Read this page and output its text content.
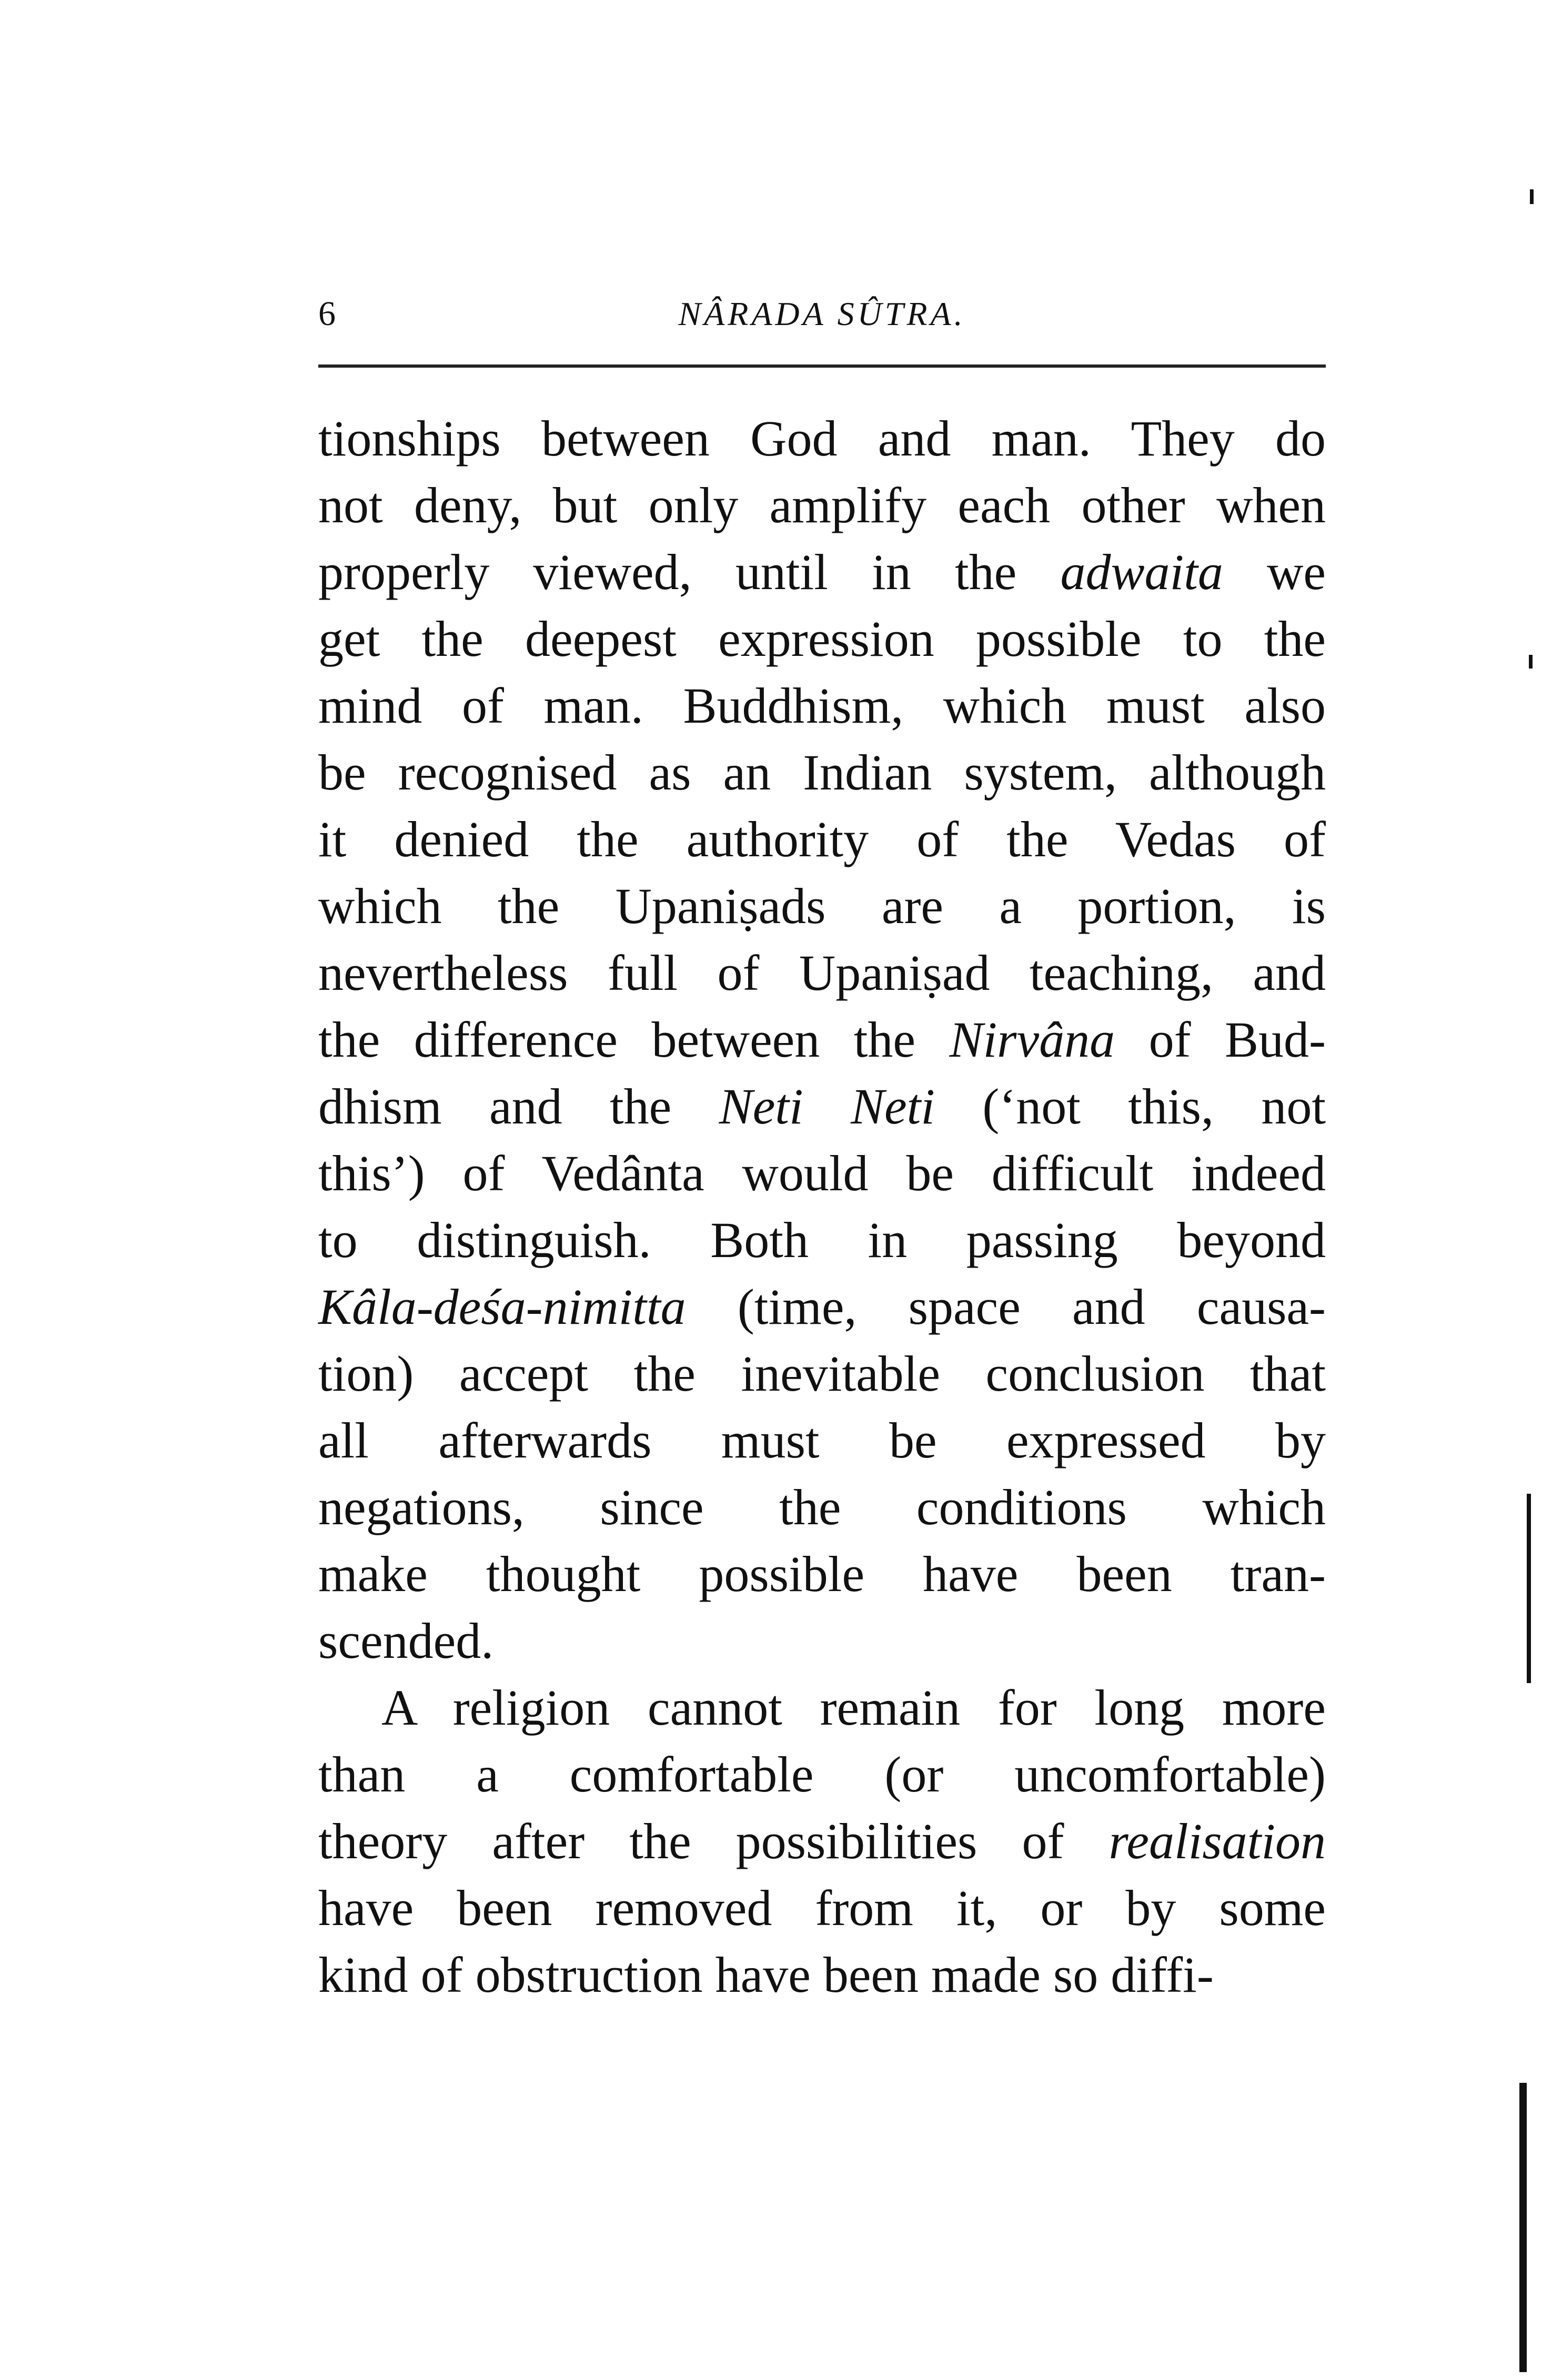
6	NÂRADA SÛTRA.
tionships between God and man. They do
not deny, but only amplify each other when
properly viewed, until in the adwaita we
get the deepest expression possible to the
mind of man. Buddhism, which must also
be recognised as an Indian system, although
it denied the authority of the Vedas of
which the Upaniṣads are a portion, is
nevertheless full of Upaniṣad teaching, and
the difference between the Nirvâna of Bud-
dhism and the Neti Neti (‘not this, not
this’) of Vedânta would be difficult indeed
to distinguish. Both in passing beyond
Kâla-deśa-nimitta (time, space and causa-
tion) accept the inevitable conclusion that
all afterwards must be expressed by
negations, since the conditions which
make thought possible have been tran-
scended.
A religion cannot remain for long more
than a comfortable (or uncomfortable)
theory after the possibilities of realisation
have been removed from it, or by some
kind of obstruction have been made so diffi-
